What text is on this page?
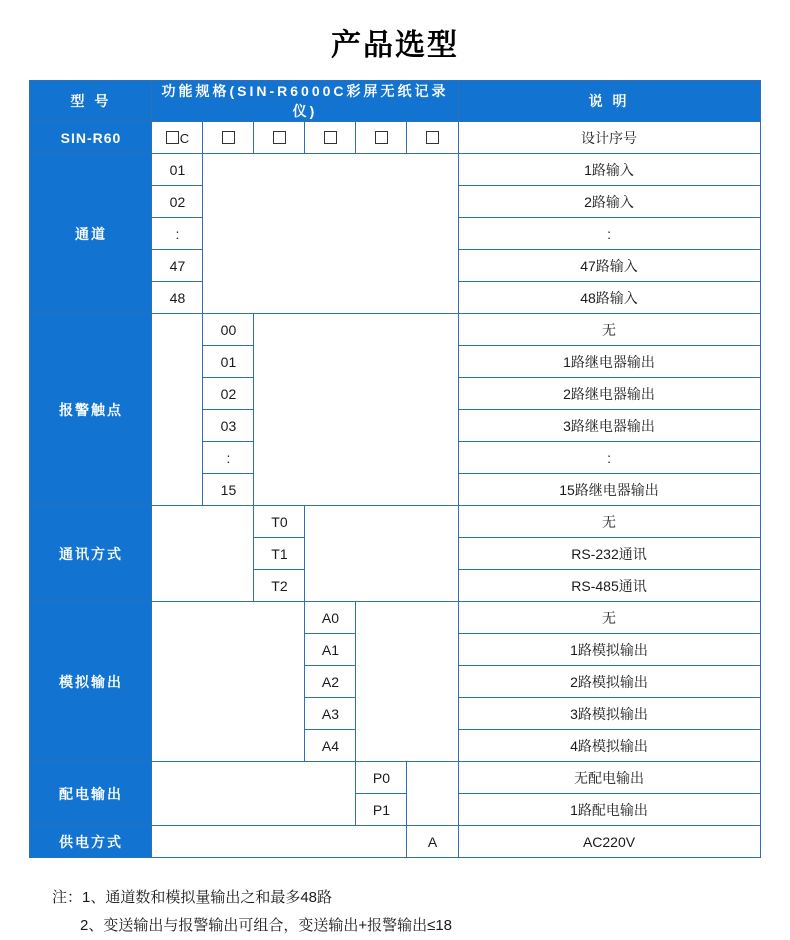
产品选型
型 号	功能规格(SIN-R6000C彩屏无纸记录仪)						说 明
SIN-R60	C						设计序号
通道	01						1路输入
	02						2路输入
	:						:
	47						47路输入
	48						48路输入
报警触点		00					无
		01					1路继电器输出
		02					2路继电器输出
		03					3路继电器输出
		:					:
		15					15路继电器输出
通讯方式			T0				无
			T1				RS-232通讯
			T2				RS-485通讯
模拟输出				A0			无
				A1			1路模拟输出
				A2			2路模拟输出
				A3			3路模拟输出
				A4			4路模拟输出
配电输出					P0		无配电输出
					P1		1路配电输出
供电方式						A	AC220V
注：1、通道数和模拟量输出之和最多48路
2、变送输出与报警输出可组合，变送输出+报警输出≤18
